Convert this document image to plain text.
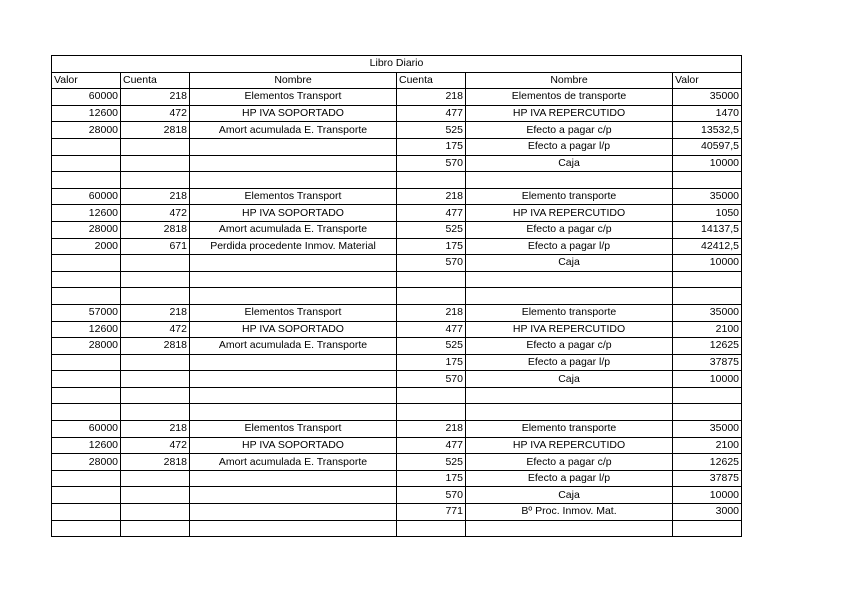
Libro Diario					
Valor	Cuenta	Nombre	Cuenta	Nombre	Valor
60000	218	Elementos Transport	218	Elementos de transporte	35000
12600	472	HP IVA SOPORTADO	477	HP IVA REPERCUTIDO	1470
28000	2818	Amort acumulada E. Transporte	525	Efecto a pagar c/p	13532,5
			175	Efecto a pagar l/p	40597,5
			570	Caja	10000

60000	218	Elementos Transport	218	Elemento transporte	35000
12600	472	HP IVA SOPORTADO	477	HP IVA REPERCUTIDO	1050
28000	2818	Amort acumulada E. Transporte	525	Efecto a pagar c/p	14137,5
2000	671	Perdida procedente Inmov. Material	175	Efecto a pagar l/p	42412,5
			570	Caja	10000

57000	218	Elementos Transport	218	Elemento transporte	35000
12600	472	HP IVA SOPORTADO	477	HP IVA REPERCUTIDO	2100
28000	2818	Amort acumulada E. Transporte	525	Efecto a pagar c/p	12625
			175	Efecto a pagar l/p	37875
			570	Caja	10000

60000	218	Elementos Transport	218	Elemento transporte	35000
12600	472	HP IVA SOPORTADO	477	HP IVA REPERCUTIDO	2100
28000	2818	Amort acumulada E. Transporte	525	Efecto a pagar c/p	12625
			175	Efecto a pagar l/p	37875
			570	Caja	10000
			771	Bº Proc. Inmov. Mat.	3000
